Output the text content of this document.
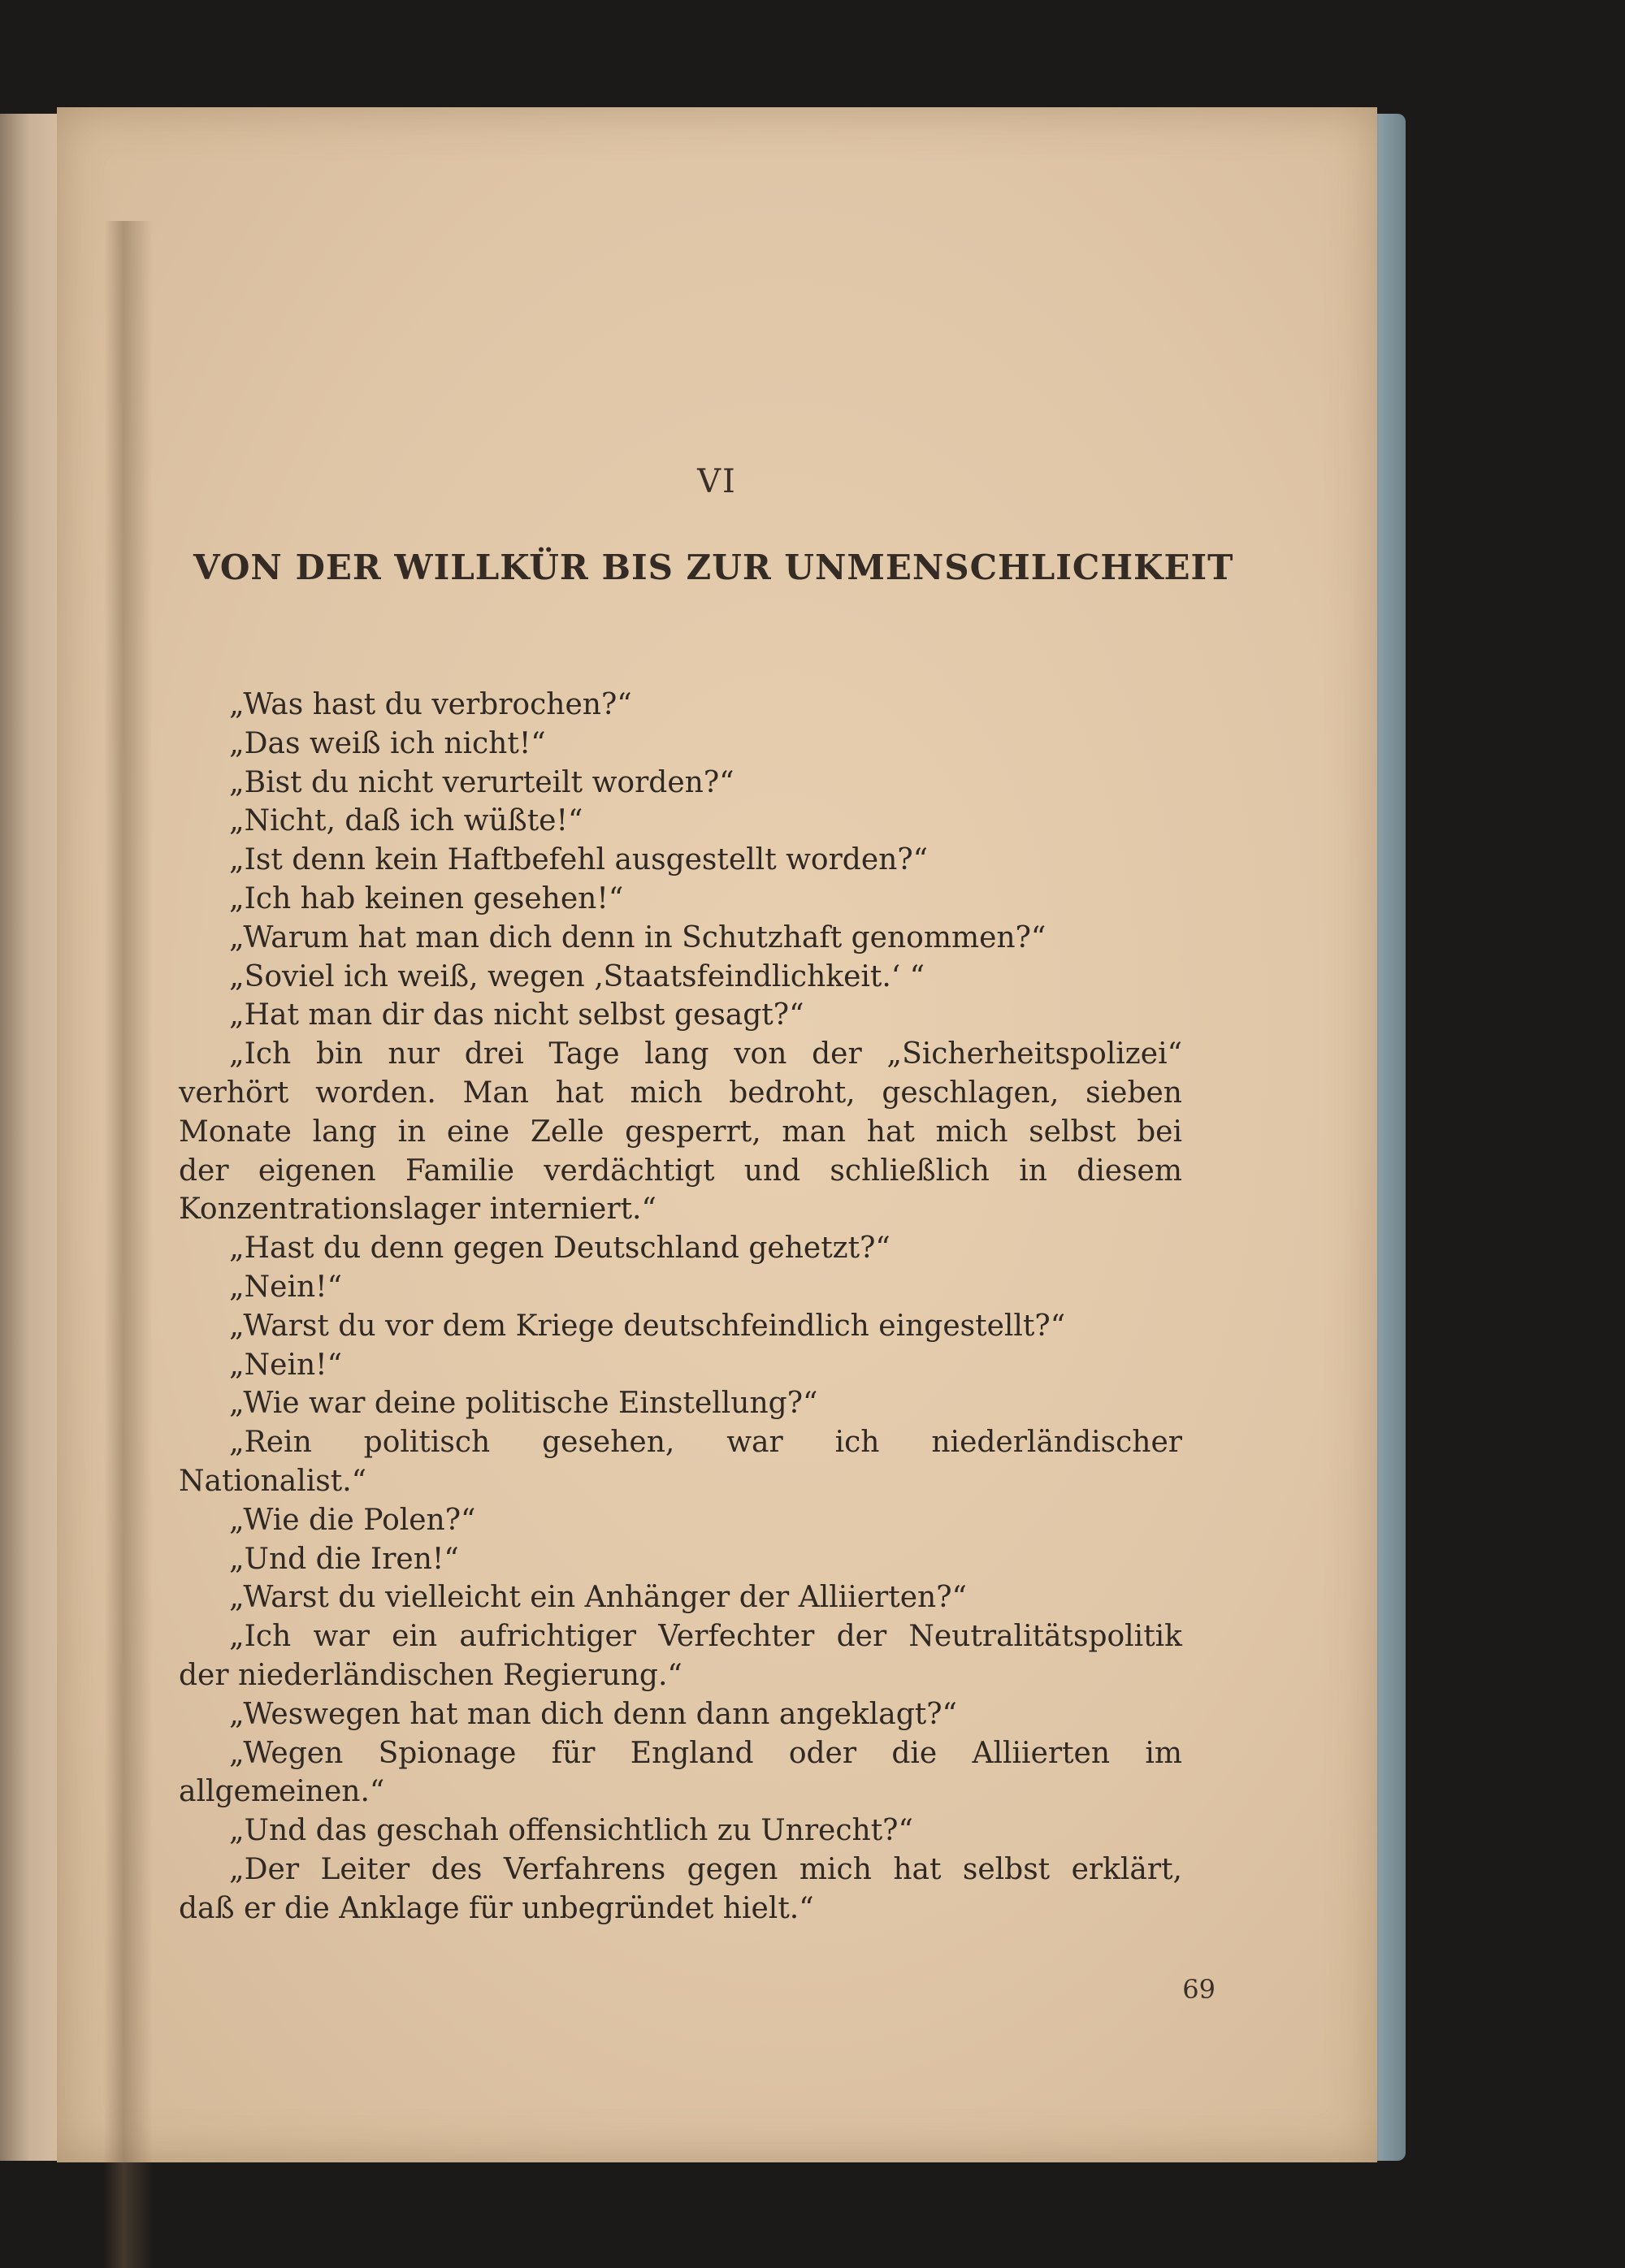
VI
VON DER WILLKÜR BIS ZUR UNMENSCHLICHKEIT
„Was hast du verbrochen?“
„Das weiß ich nicht!“
„Bist du nicht verurteilt worden?“
„Nicht, daß ich wüßte!“
„Ist denn kein Haftbefehl ausgestellt worden?“
„Ich hab keinen gesehen!“
„Warum hat man dich denn in Schutzhaft genommen?“
„Soviel ich weiß, wegen ‚Staatsfeindlichkeit.‘ “
„Hat man dir das nicht selbst gesagt?“
„Ich bin nur drei Tage lang von der „Sicherheitspolizei“
verhört worden. Man hat mich bedroht, geschlagen, sieben
Monate lang in eine Zelle gesperrt, man hat mich selbst bei
der eigenen Familie verdächtigt und schließlich in diesem
Konzentrationslager interniert.“
„Hast du denn gegen Deutschland gehetzt?“
„Nein!“
„Warst du vor dem Kriege deutschfeindlich eingestellt?“
„Nein!“
„Wie war deine politische Einstellung?“
„Rein politisch gesehen, war ich niederländischer
Nationalist.“
„Wie die Polen?“
„Und die Iren!“
„Warst du vielleicht ein Anhänger der Alliierten?“
„Ich war ein aufrichtiger Verfechter der Neutralitätspolitik
der niederländischen Regierung.“
„Weswegen hat man dich denn dann angeklagt?“
„Wegen Spionage für England oder die Alliierten im
allgemeinen.“
„Und das geschah offensichtlich zu Unrecht?“
„Der Leiter des Verfahrens gegen mich hat selbst erklärt,
daß er die Anklage für unbegründet hielt.“
69
